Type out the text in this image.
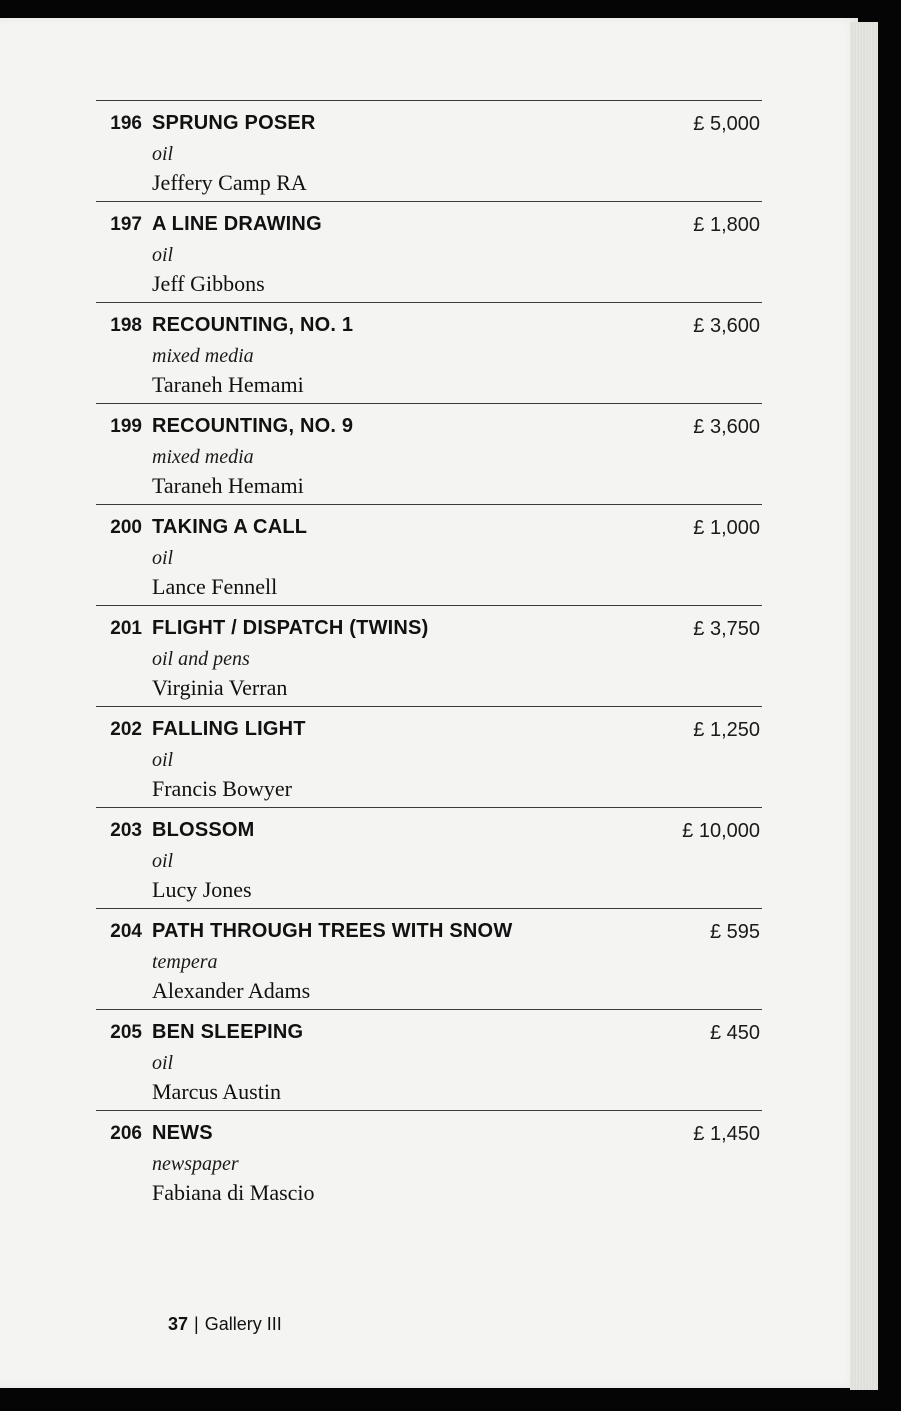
196 SPRUNG POSER
oil
Jeffery Camp RA
£ 5,000
197 A LINE DRAWING
oil
Jeff Gibbons
£ 1,800
198 RECOUNTING, NO. 1
mixed media
Taraneh Hemami
£ 3,600
199 RECOUNTING, NO. 9
mixed media
Taraneh Hemami
£ 3,600
200 TAKING A CALL
oil
Lance Fennell
£ 1,000
201 FLIGHT / DISPATCH (TWINS)
oil and pens
Virginia Verran
£ 3,750
202 FALLING LIGHT
oil
Francis Bowyer
£ 1,250
203 BLOSSOM
oil
Lucy Jones
£ 10,000
204 PATH THROUGH TREES WITH SNOW
tempera
Alexander Adams
£ 595
205 BEN SLEEPING
oil
Marcus Austin
£ 450
206 NEWS
newspaper
Fabiana di Mascio
£ 1,450
37 | Gallery III
